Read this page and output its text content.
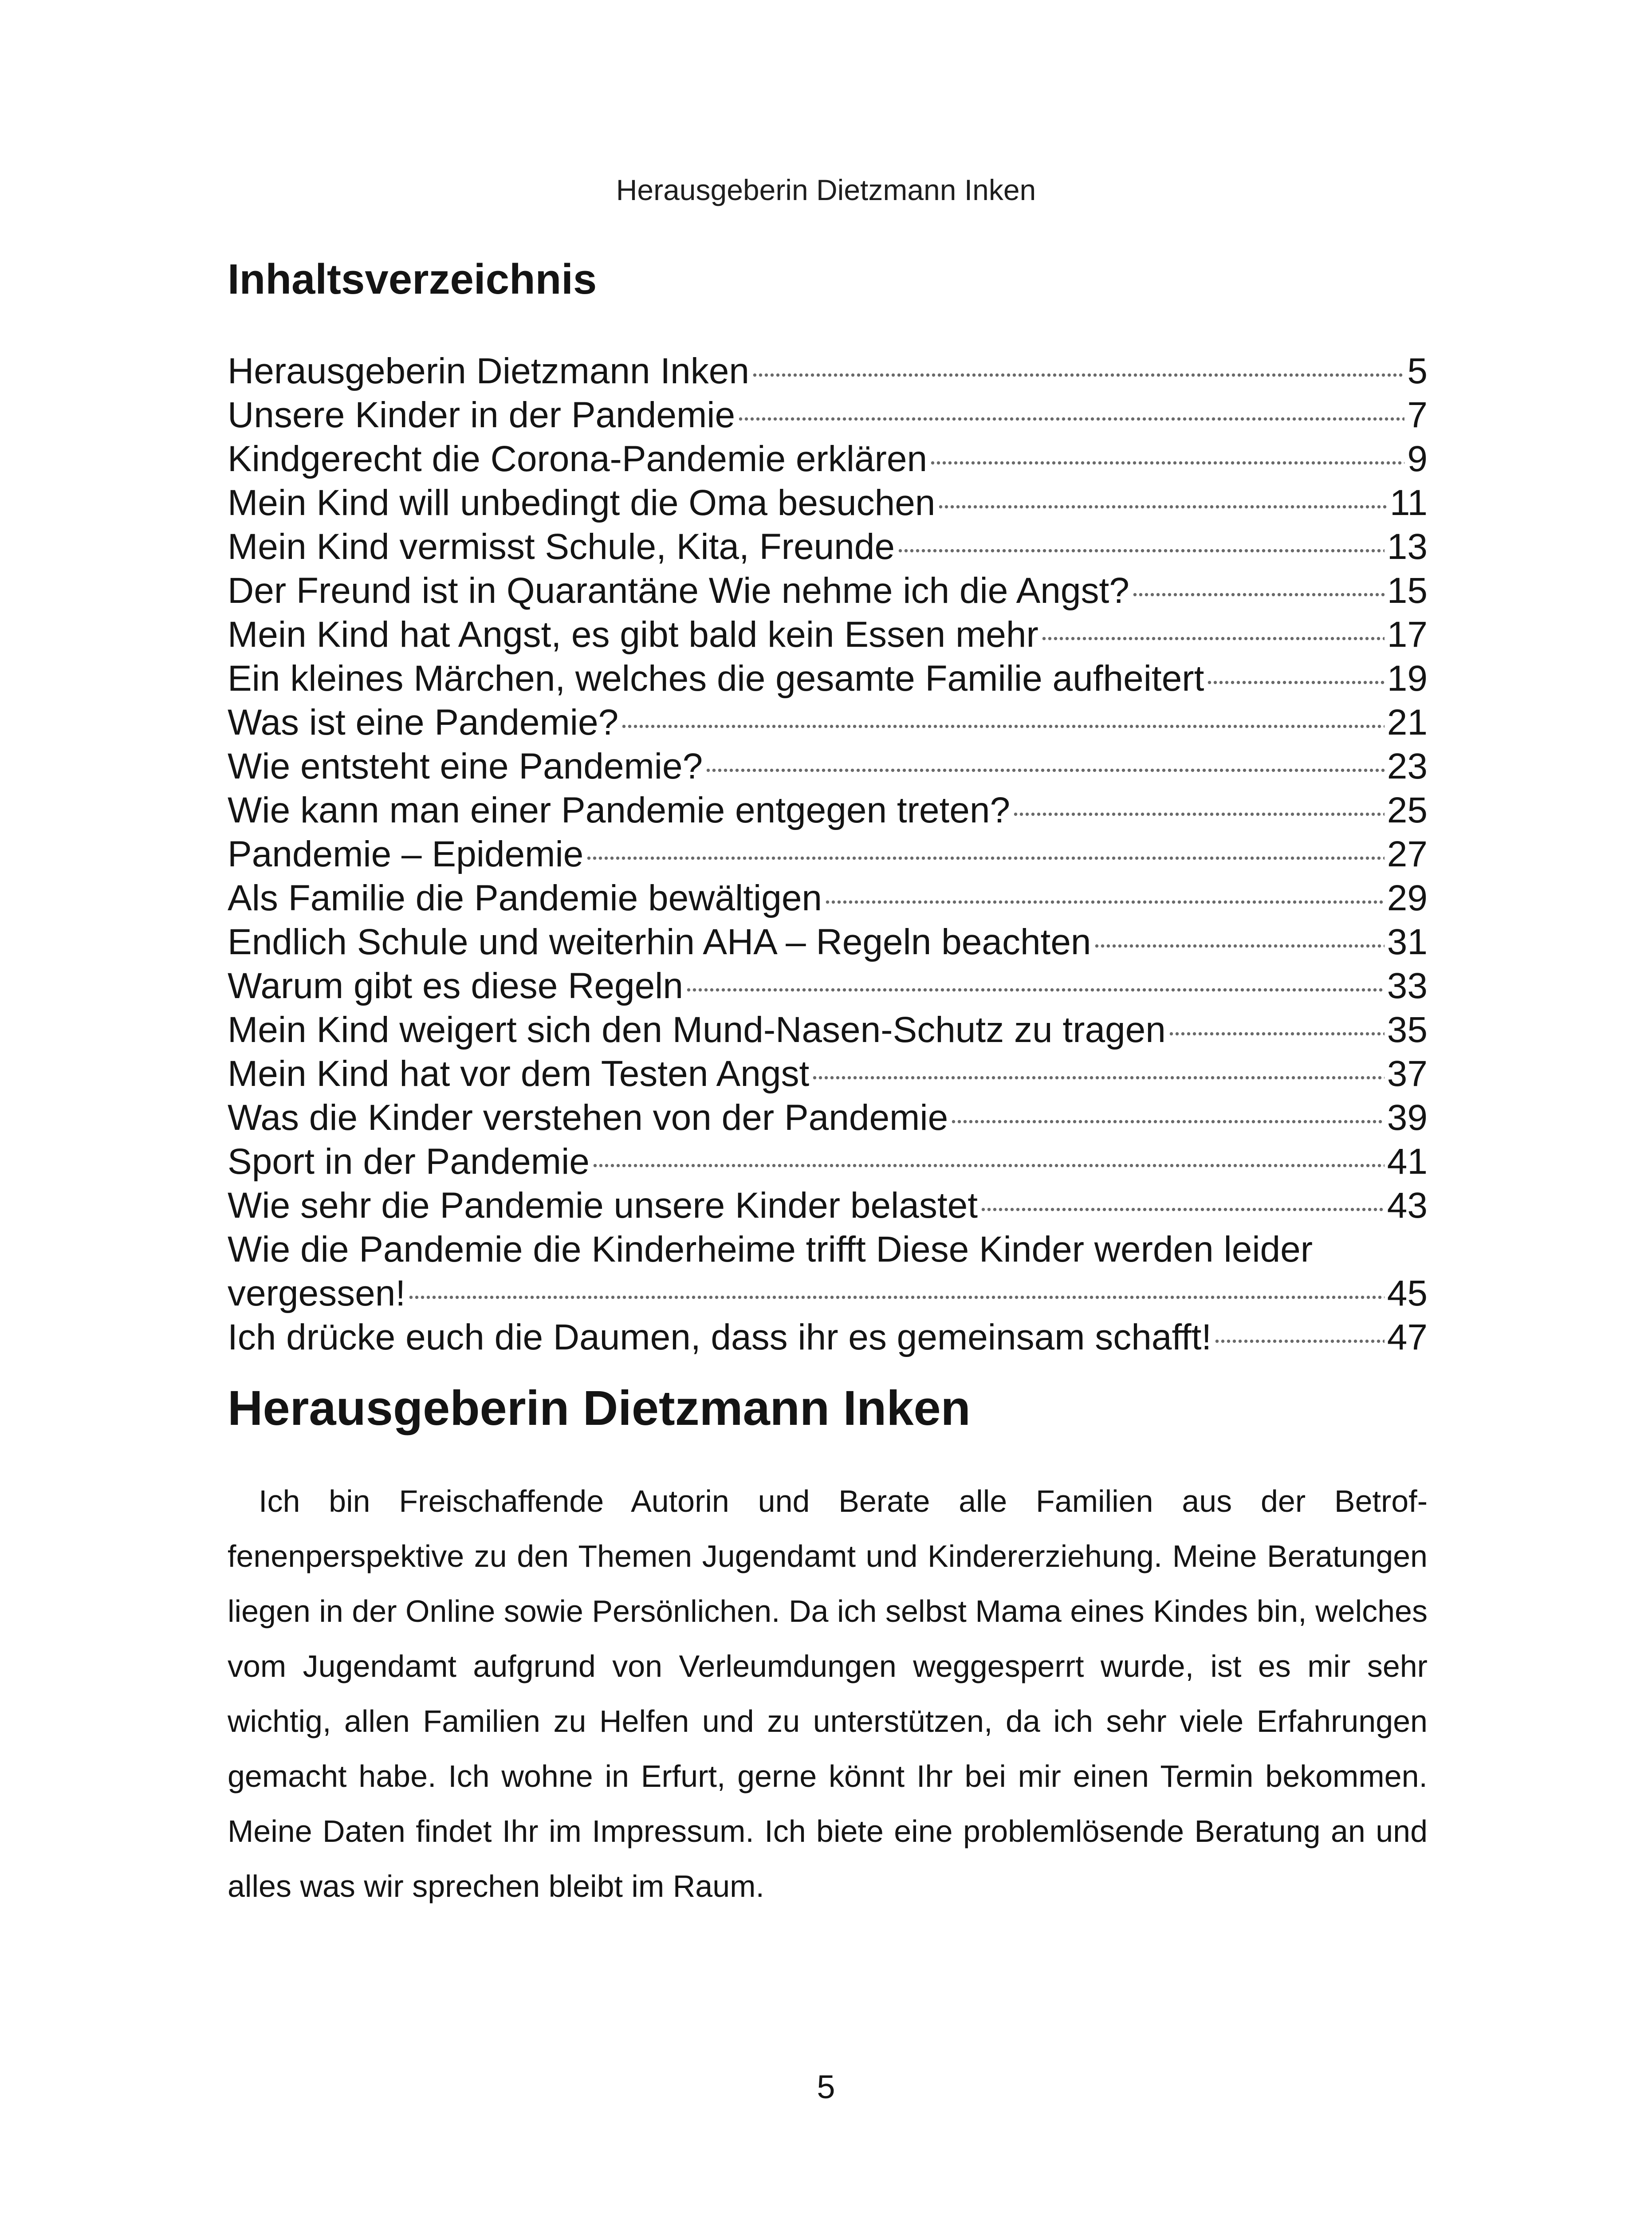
Herausgeberin Dietzmann Inken
Inhaltsverzeichnis
Herausgeberin Dietzmann Inken	5
Unsere Kinder in der Pandemie	7
Kindgerecht die Corona-Pandemie erklären	9
Mein Kind will unbedingt die Oma besuchen	11
Mein Kind vermisst Schule, Kita, Freunde	13
Der Freund ist in Quarantäne Wie nehme ich die Angst?	15
Mein Kind hat Angst, es gibt bald kein Essen mehr	17
Ein kleines Märchen, welches die gesamte Familie aufheitert	19
Was ist eine Pandemie?	21
Wie entsteht eine Pandemie?	23
Wie kann man einer Pandemie entgegen treten?	25
Pandemie – Epidemie	27
Als Familie die Pandemie bewältigen	29
Endlich Schule und weiterhin AHA – Regeln beachten	31
Warum gibt es diese Regeln	33
Mein Kind weigert sich den Mund-Nasen-Schutz zu tragen	35
Mein Kind hat vor dem Testen Angst	37
Was die Kinder verstehen von der Pandemie	39
Sport in der Pandemie	41
Wie sehr die Pandemie unsere Kinder belastet	43
Wie die Pandemie die Kinderheime trifft Diese Kinder werden leider
vergessen!	45
Ich drücke euch die Daumen, dass ihr es gemeinsam schafft!	47
Herausgeberin Dietzmann Inken

Ich bin Freischaffende Autorin und Berate alle Familien aus der Betroffenenperspektive zu den Themen Jugendamt und Kindererziehung. Meine Beratungen liegen in der Online sowie Persönlichen. Da ich selbst Mama eines Kindes bin, welches vom Jugendamt aufgrund von Verleumdungen weggesperrt wurde, ist es mir sehr wichtig, allen Familien zu Helfen und zu unterstützen, da ich sehr viele Erfahrungen gemacht habe. Ich wohne in Erfurt, gerne könnt Ihr bei mir einen Termin bekommen. Meine Daten findet Ihr im Impressum. Ich biete eine problemlösende Beratung an und alles was wir sprechen bleibt im Raum.

5
